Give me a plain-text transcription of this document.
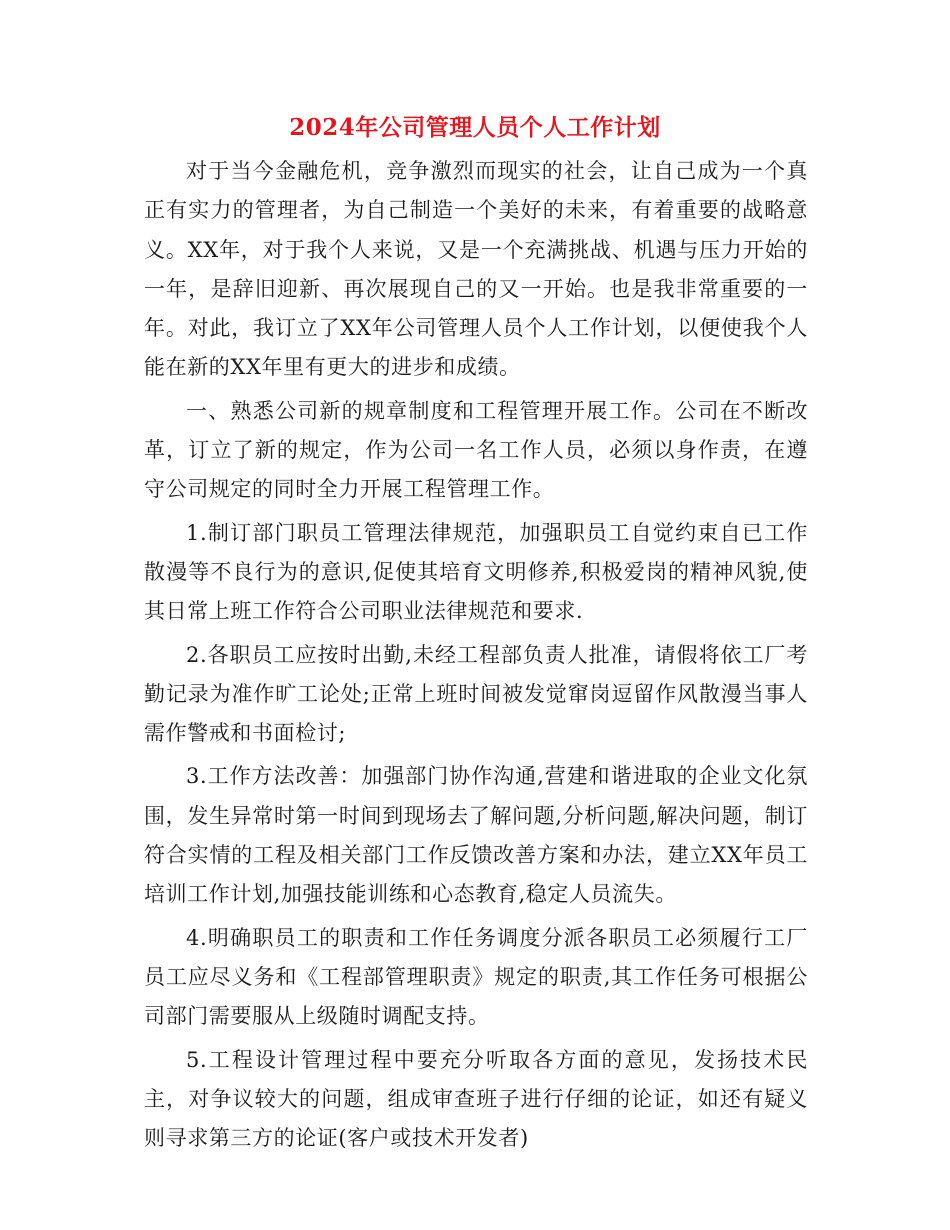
2024年公司管理人员个人工作计划

对于当今金融危机，竞争激烈而现实的社会，让自己成为一个真正有实力的管理者，为自己制造一个美好的未来，有着重要的战略意义。XX年，对于我个人来说，又是一个充满挑战、机遇与压力开始的一年，是辞旧迎新、再次展现自己的又一开始。也是我非常重要的一年。对此，我订立了XX年公司管理人员个人工作计划，以便使我个人能在新的XX年里有更大的进步和成绩。

一、熟悉公司新的规章制度和工程管理开展工作。公司在不断改革，订立了新的规定，作为公司一名工作人员，必须以身作责，在遵守公司规定的同时全力开展工程管理工作。

1.制订部门职员工管理法律规范，加强职员工自觉约束自已工作散漫等不良行为的意识,促使其培育文明修养,积极爱岗的精神风貌,使其日常上班工作符合公司职业法律规范和要求.

2.各职员工应按时出勤,未经工程部负责人批准，请假将依工厂考勤记录为准作旷工论处;正常上班时间被发觉窜岗逗留作风散漫当事人需作警戒和书面检讨;

3.工作方法改善：加强部门协作沟通,营建和谐进取的企业文化氛围，发生异常时第一时间到现场去了解问题,分析问题,解决问题，制订符合实情的工程及相关部门工作反馈改善方案和办法，建立XX年员工培训工作计划,加强技能训练和心态教育,稳定人员流失。

4.明确职员工的职责和工作任务调度分派各职员工必须履行工厂员工应尽义务和《工程部管理职责》规定的职责,其工作任务可根据公司部门需要服从上级随时调配支持。

5.工程设计管理过程中要充分听取各方面的意见，发扬技术民主，对争议较大的问题，组成审查班子进行仔细的论证，如还有疑义则寻求第三方的论证(客户或技术开发者)
